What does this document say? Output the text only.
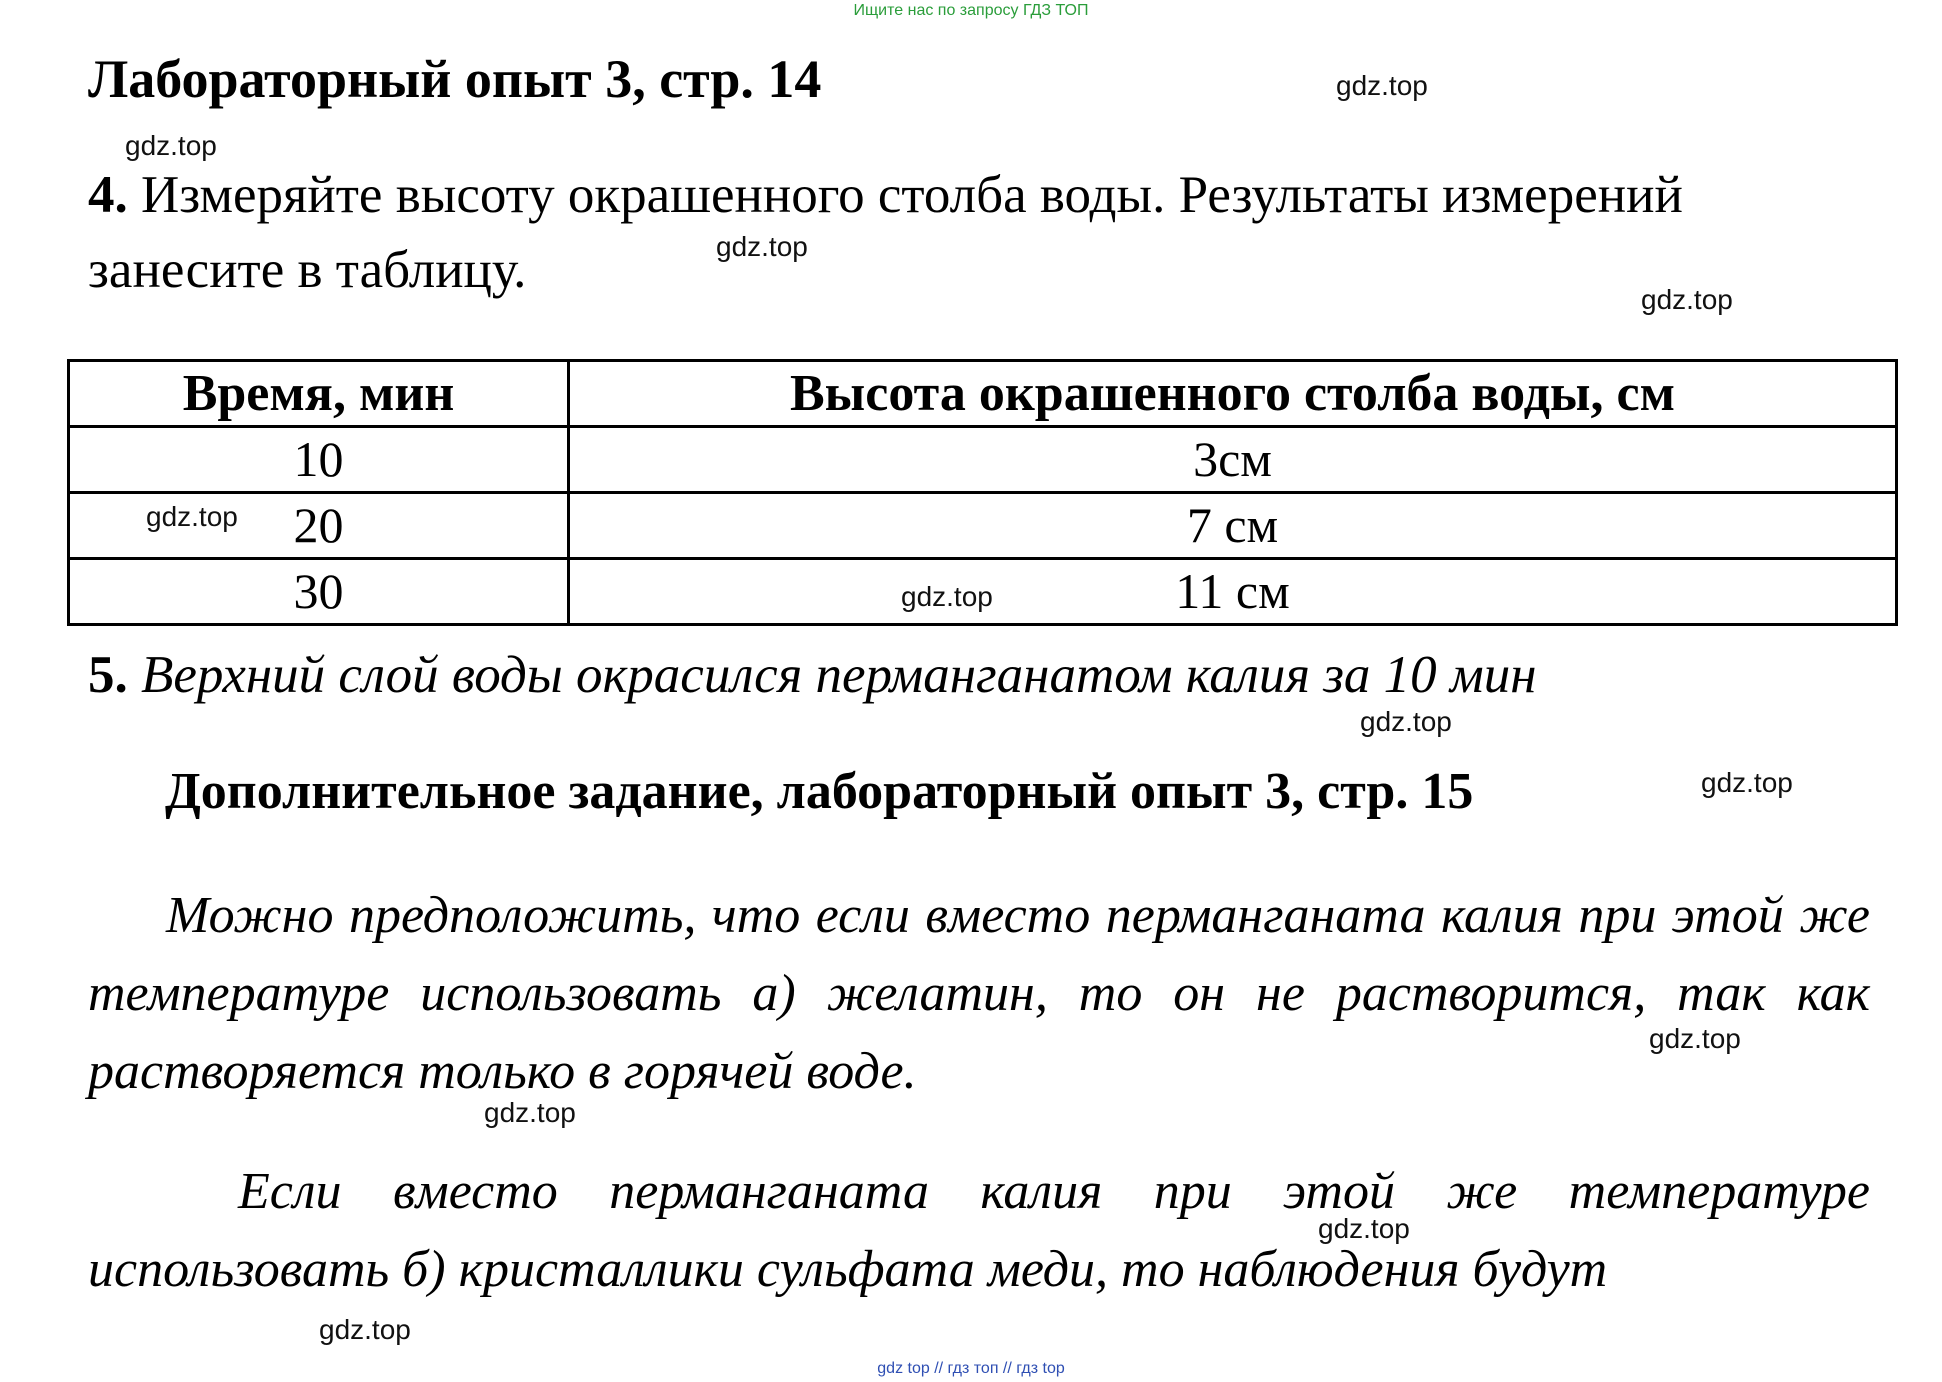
Ищите нас по запросу ГДЗ ТОП
Лабораторный опыт 3, стр. 14
4. Измеряйте высоту окрашенного столба воды. Результаты измерений
занесите в таблицу.
Время, мин	Высота окрашенного столба воды, см
10	3см
20	7 см
30	11 см
5. Верхний слой воды окрасился перманганатом калия за 10 мин
Дополнительное задание, лабораторный опыт 3, стр. 15
Можно предположить, что если вместо перманганата калия при этой же температуре использовать а) желатин, то он не растворится, так как растворяется только в горячей воде.
Если вместо перманганата калия при этой же температуре использовать б) кристаллики сульфата меди, то наблюдения будут
gdz.top
gdz.top
gdz.top
gdz.top
gdz.top
gdz.top
gdz.top
gdz.top
gdz.top
gdz.top
gdz.top
gdz.top
gdz top // гдз топ // гдз top
